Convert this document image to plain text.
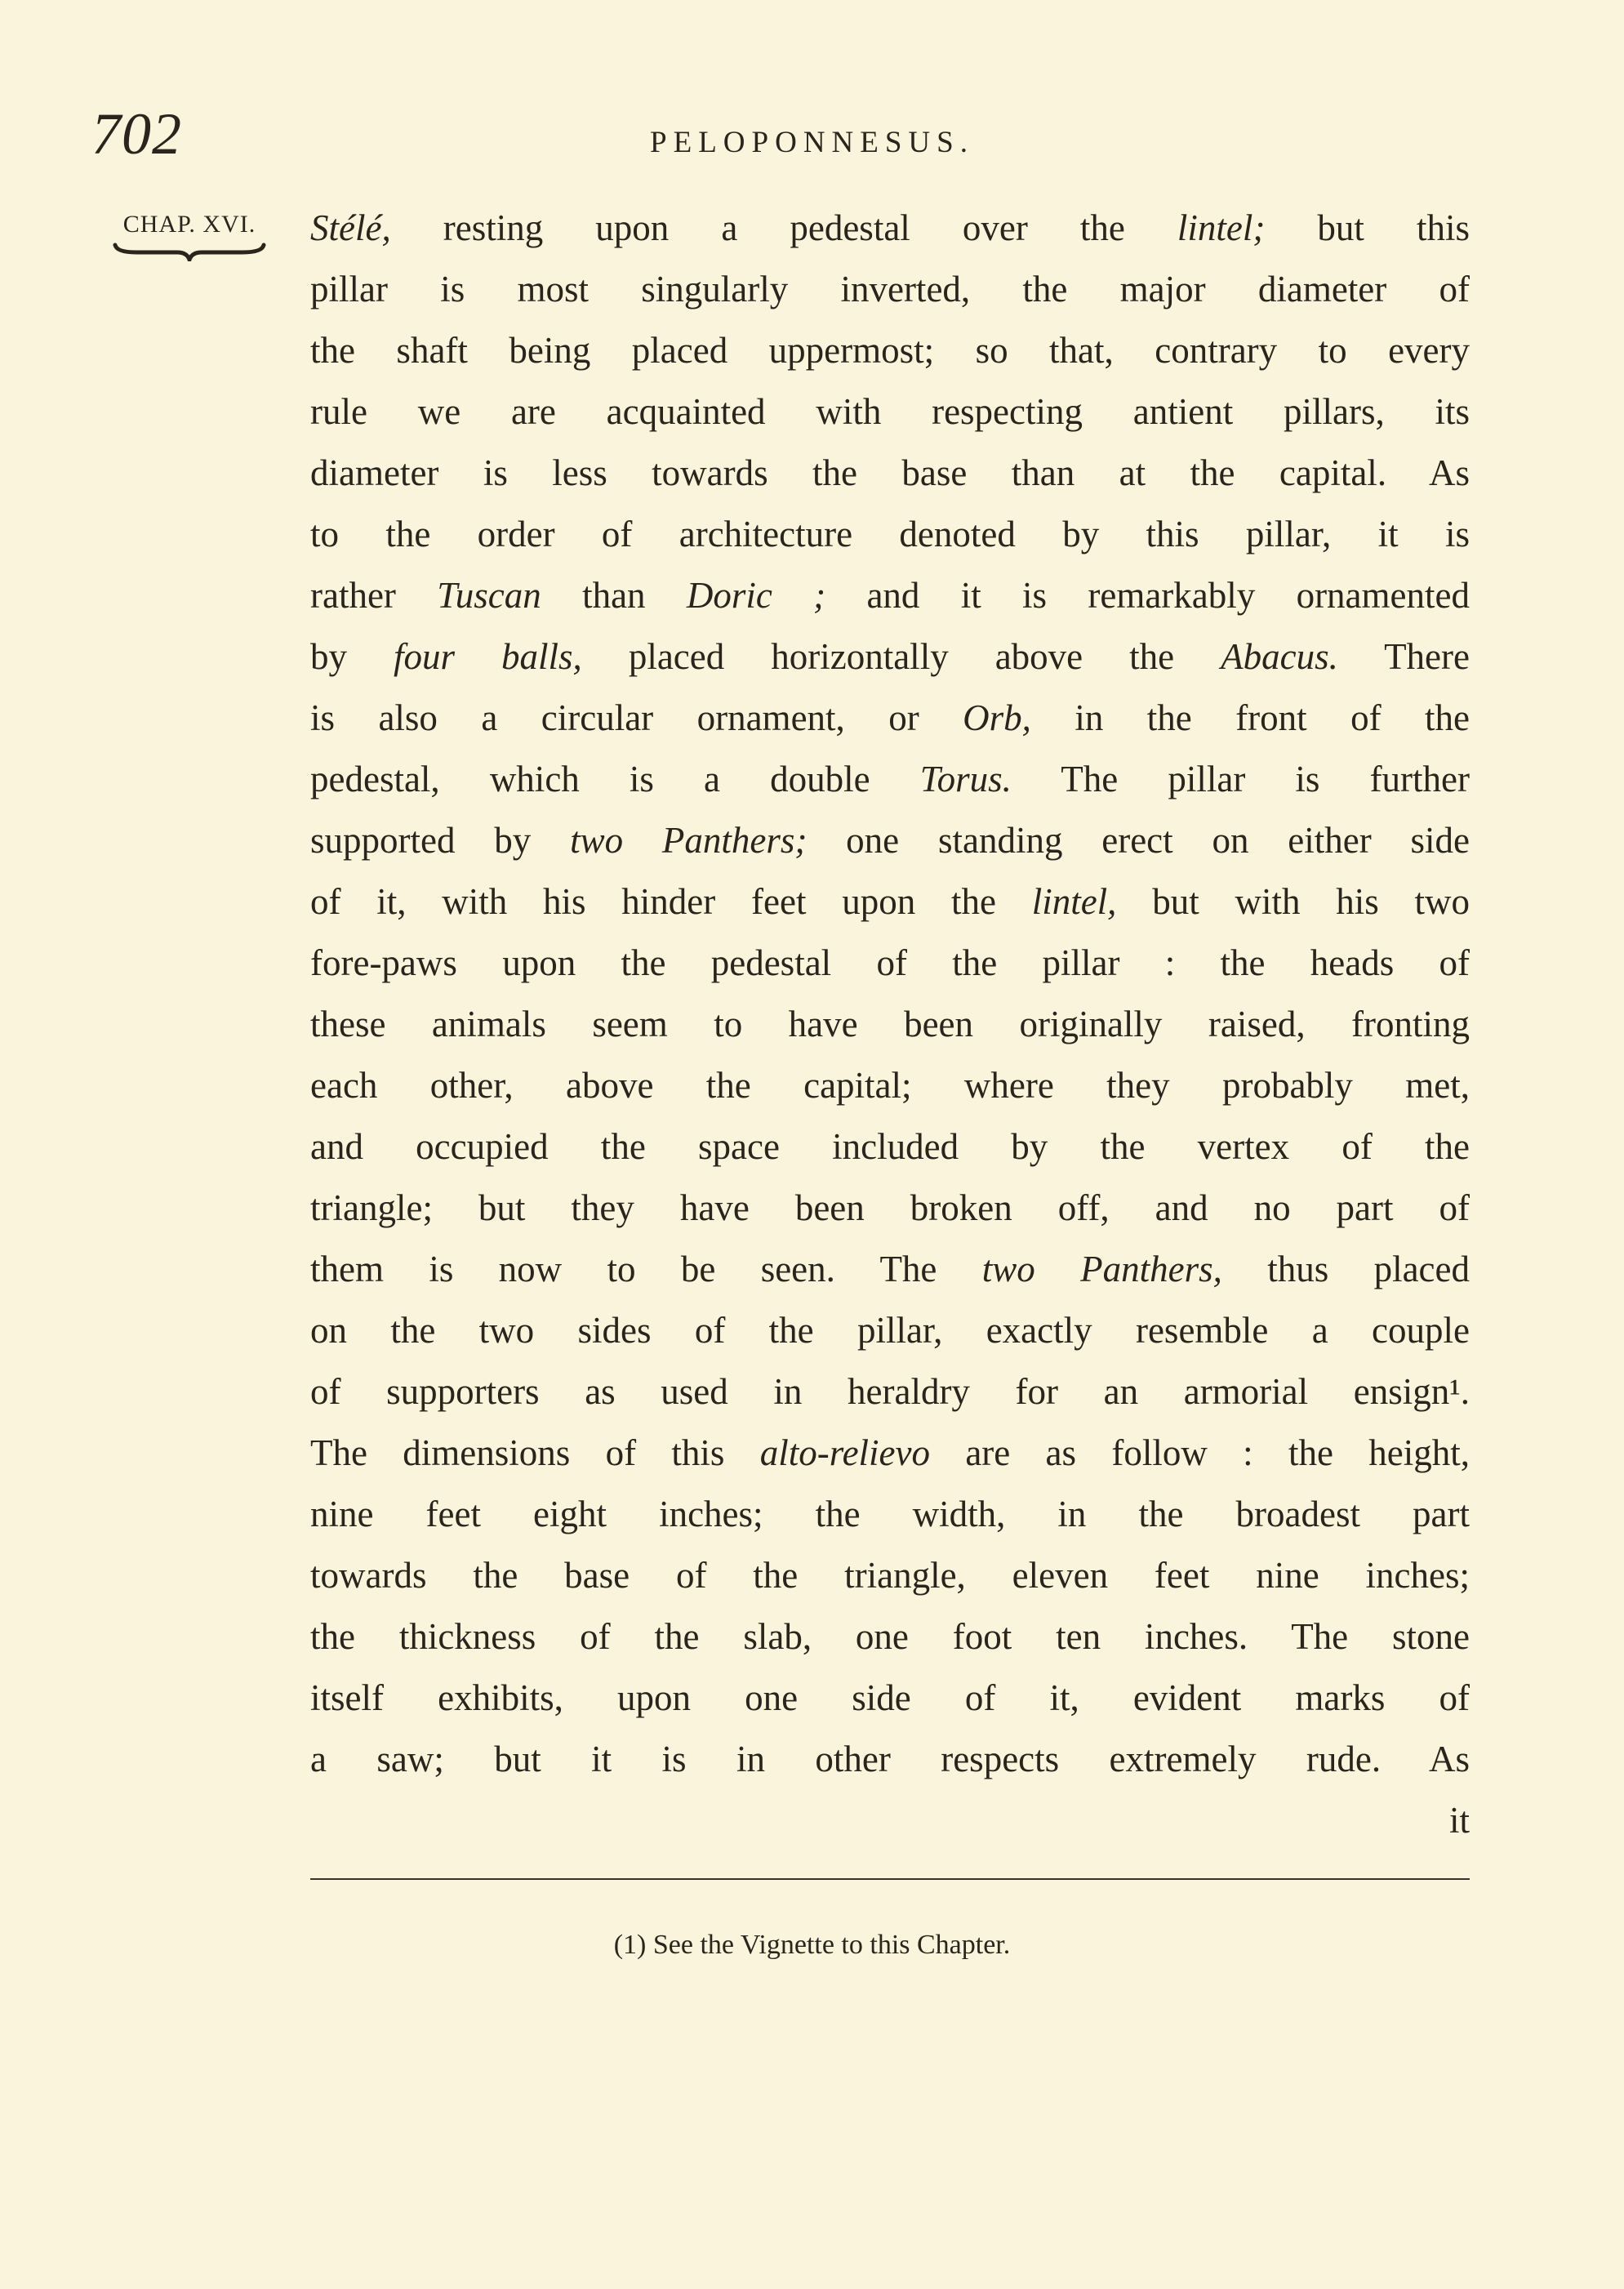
702	PELOPONNESUS.
CHAP. XVI.	Stélé, resting upon a pedestal over the lintel; but this
pillar is most singularly inverted, the major diameter of
the shaft being placed uppermost; so that, contrary to every
rule we are acquainted with respecting antient pillars, its
diameter is less towards the base than at the capital. As
to the order of architecture denoted by this pillar, it is
rather Tuscan than Doric ; and it is remarkably ornamented
by four balls, placed horizontally above the Abacus. There
is also a circular ornament, or Orb, in the front of the
pedestal, which is a double Torus. The pillar is further
supported by two Panthers; one standing erect on either side
of it, with his hinder feet upon the lintel, but with his two
fore-paws upon the pedestal of the pillar : the heads of
these animals seem to have been originally raised, fronting
each other, above the capital; where they probably met,
and occupied the space included by the vertex of the
triangle; but they have been broken off, and no part of
them is now to be seen. The two Panthers, thus placed
on the two sides of the pillar, exactly resemble a couple
of supporters as used in heraldry for an armorial ensign¹.
The dimensions of this alto-relievo are as follow : the height,
nine feet eight inches; the width, in the broadest part
towards the base of the triangle, eleven feet nine inches;
the thickness of the slab, one foot ten inches. The stone
itself exhibits, upon one side of it, evident marks of
a saw; but it is in other respects extremely rude. As
it
(1) See the Vignette to this Chapter.
